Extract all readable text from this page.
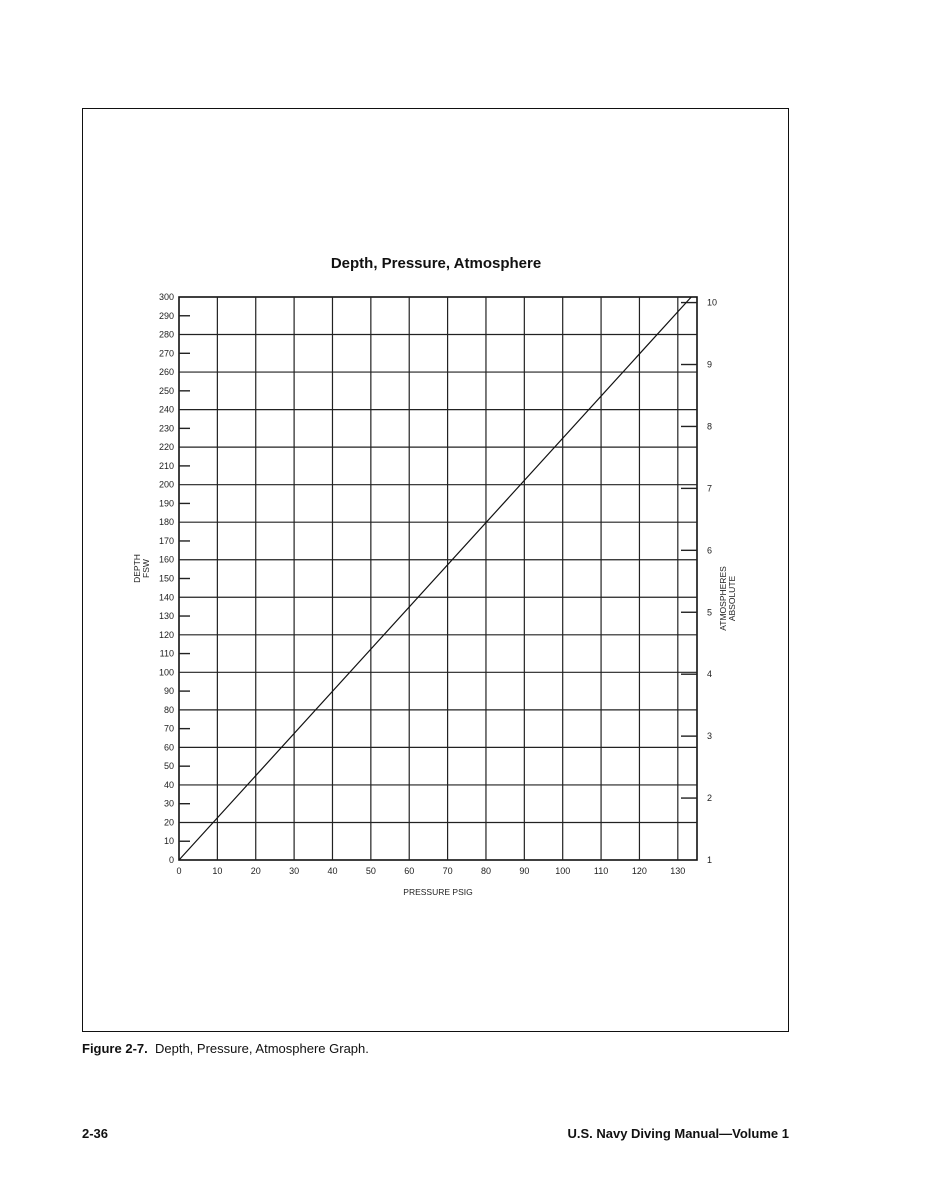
0	10	20	30	40	50	60	70	80	90	100	110	120	130
0
10
20
30
40
50
60
70
80
90
100
110
120
130
140
150
160
170
180
190
200
210
220
230
240
250
260
270
280
290
300
1
2
3
4
5
6
7
8
9
10
DEPTHFSW	ATMOSPHERESABSOLUTE
Depth, Pressure, Atmosphere
PRESSURE PSIG
Figure 2-7. Depth, Pressure, Atmosphere Graph.
2-36	U.S. Navy Diving Manual—Volume 1
